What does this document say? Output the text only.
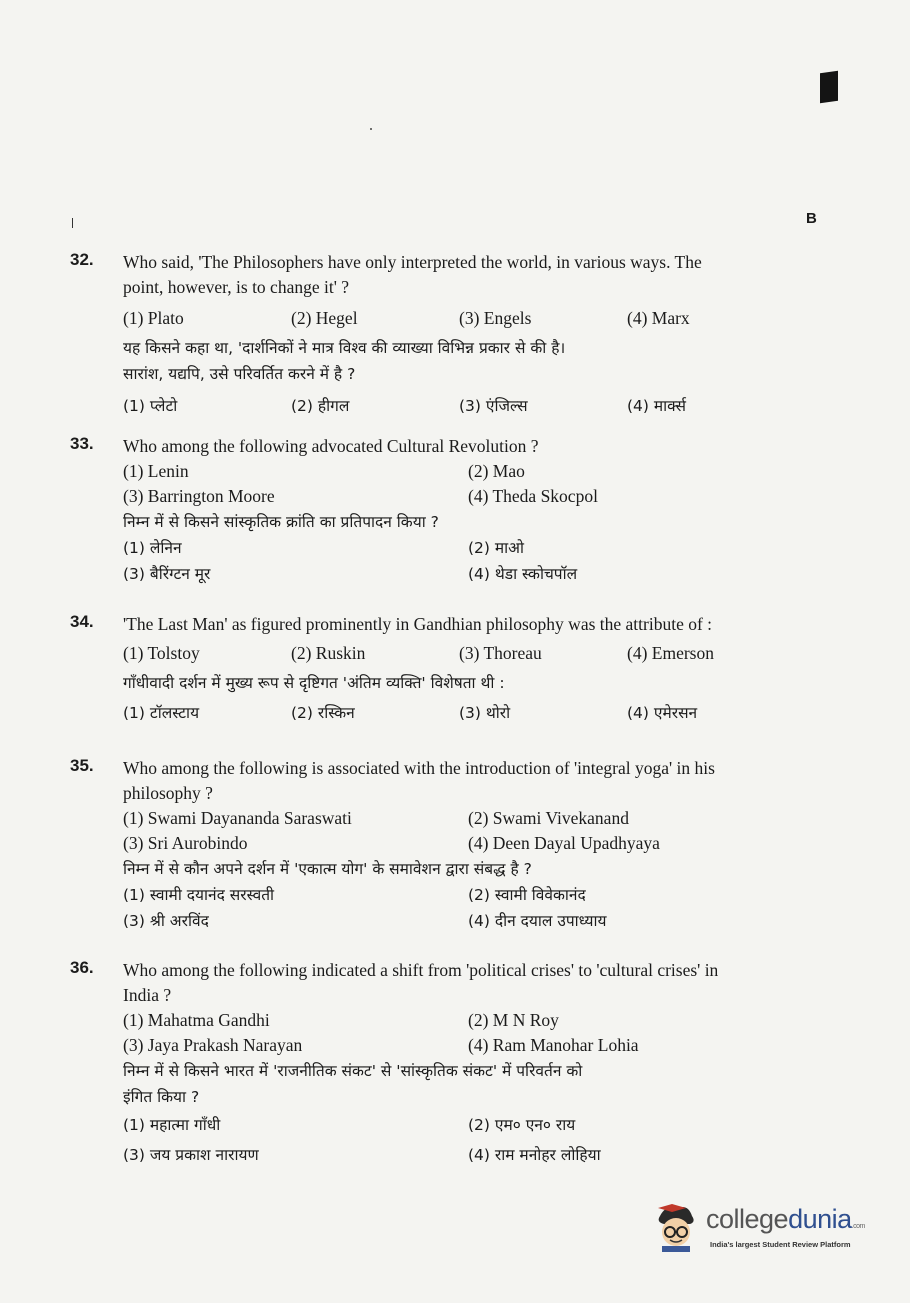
B
32. Who said, 'The Philosophers have only interpreted the world, in various ways. The
point, however, is to change it' ?
(1) Plato	(2) Hegel	(3) Engels	(4) Marx
यह किसने कहा था, 'दार्शनिकों ने मात्र विश्व की व्याख्या विभिन्न प्रकार से की है।
सारांश, यद्यपि, उसे परिवर्तित करने में है ?
(1) प्लेटो	(2) हीगल	(3) एंजिल्स	(4) मार्क्स
33. Who among the following advocated Cultural Revolution ?
(1) Lenin	(2) Mao
(3) Barrington Moore	(4) Theda Skocpol
निम्न में से किसने सांस्कृतिक क्रांति का प्रतिपादन किया ?
(1) लेनिन	(2) माओ
(3) बैरिंग्टन मूर	(4) थेडा स्कोचपॉल
34. 'The Last Man' as figured prominently in Gandhian philosophy was the attribute of :
(1) Tolstoy	(2) Ruskin	(3) Thoreau	(4) Emerson
गाँधीवादी दर्शन में मुख्य रूप से दृष्टिगत 'अंतिम व्यक्ति' विशेषता थी :
(1) टॉलस्टाय	(2) रस्किन	(3) थोरो	(4) एमेरसन
35. Who among the following is associated with the introduction of 'integral yoga' in his
philosophy ?
(1) Swami Dayananda Saraswati	(2) Swami Vivekanand
(3) Sri Aurobindo	(4) Deen Dayal Upadhyaya
निम्न में से कौन अपने दर्शन में 'एकात्म योग' के समावेशन द्वारा संबद्ध है ?
(1) स्वामी दयानंद सरस्वती	(2) स्वामी विवेकानंद
(3) श्री अरविंद	(4) दीन दयाल उपाध्याय
36. Who among the following indicated a shift from 'political crises' to 'cultural crises' in
India ?
(1) Mahatma Gandhi	(2) M N Roy
(3) Jaya Prakash Narayan	(4) Ram Manohar Lohia
निम्न में से किसने भारत में 'राजनीतिक संकट' से 'सांस्कृतिक संकट' में परिवर्तन को
इंगित किया ?
(1) महात्मा गाँधी	(2) एम० एन० राय
(3) जय प्रकाश नारायण	(4) राम मनोहर लोहिया
collegedunia.com
India's largest Student Review Platform
